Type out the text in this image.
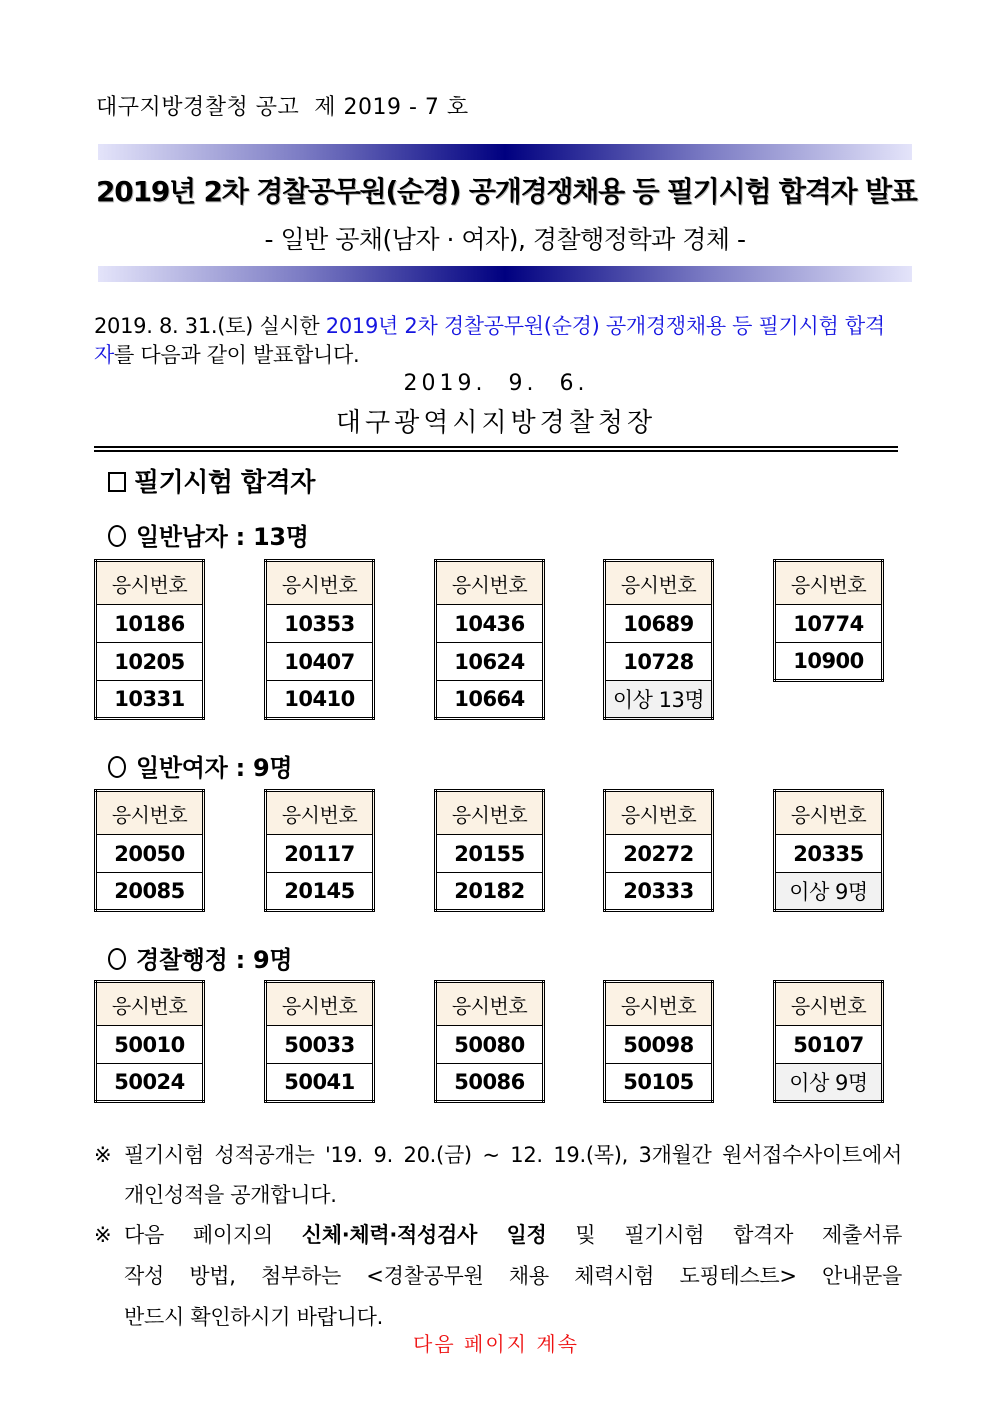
대구지방경찰청 공고  제 2019 - 7 호
2019년 2차 경찰공무원(순경) 공개경쟁채용 등 필기시험 합격자 발표
- 일반 공채(남자 · 여자), 경찰행정학과 경체 -
2019. 8. 31.(토) 실시한 2019년 2차 경찰공무원(순경) 공개경쟁채용 등 필기시험 합격자를 다음과 같이 발표합니다.
2019.  9.  6.
대구광역시지방경찰청장
필기시험 합격자
일반남자 : 13명
응시번호
10186
10205
10331
응시번호
10353
10407
10410
응시번호
10436
10624
10664
응시번호
10689
10728
이상 13명
응시번호
10774
10900
일반여자 : 9명
응시번호
20050
20085
응시번호
20117
20145
응시번호
20155
20182
응시번호
20272
20333
응시번호
20335
이상 9명
경찰행정 : 9명
응시번호
50010
50024
응시번호
50033
50041
응시번호
50080
50086
응시번호
50098
50105
응시번호
50107
이상 9명
※ 필기시험 성적공개는 '19. 9. 20.(금) ~ 12. 19.(목), 3개월간 원서접수사이트에서
개인성적을 공개합니다.
※ 다음 페이지의 신체·체력·적성검사 일정 및 필기시험 합격자 제출서류
작성 방법, 첨부하는 <경찰공무원 채용 체력시험 도핑테스트> 안내문을
반드시 확인하시기 바랍니다.
다음 페이지 계속
